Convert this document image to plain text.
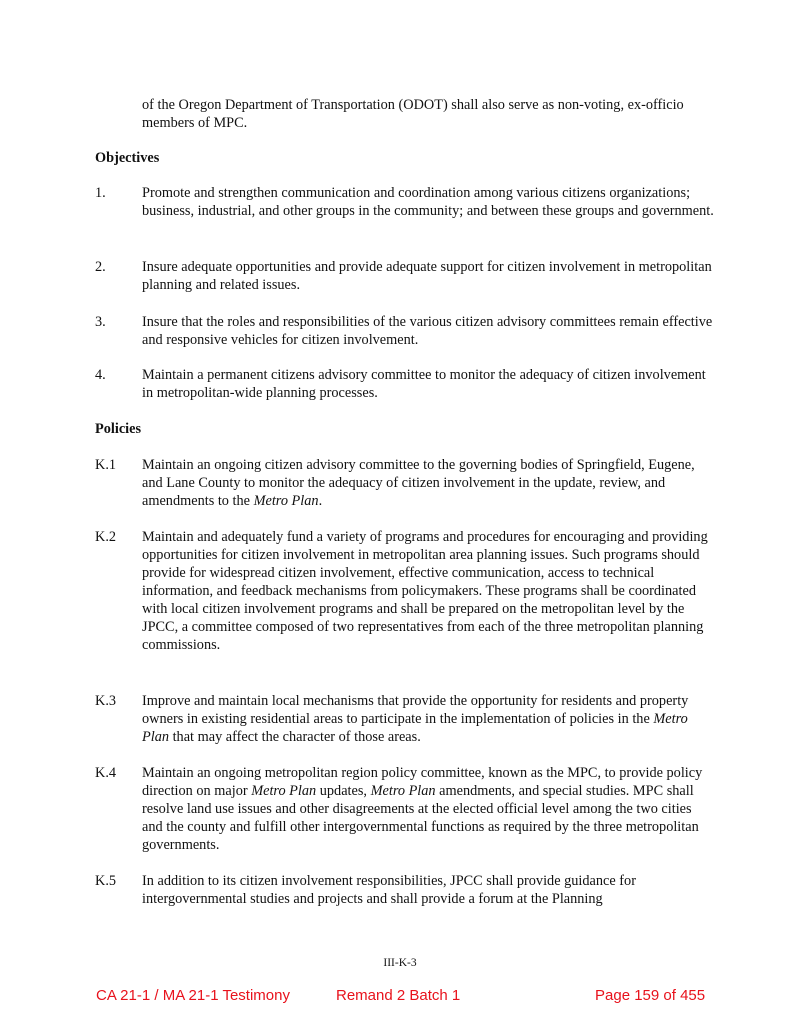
of the Oregon Department of Transportation (ODOT) shall also serve as non-voting, ex-officio members of MPC.
Objectives
1.	Promote and strengthen communication and coordination among various citizens organizations; business, industrial, and other groups in the community; and between these groups and government.
2.	Insure adequate opportunities and provide adequate support for citizen involvement in metropolitan planning and related issues.
3.	Insure that the roles and responsibilities of the various citizen advisory committees remain effective and responsive vehicles for citizen involvement.
4.	Maintain a permanent citizens advisory committee to monitor the adequacy of citizen involvement in metropolitan-wide planning processes.
Policies
K.1	Maintain an ongoing citizen advisory committee to the governing bodies of Springfield, Eugene, and Lane County to monitor the adequacy of citizen involvement in the update, review, and amendments to the Metro Plan.
K.2	Maintain and adequately fund a variety of programs and procedures for encouraging and providing opportunities for citizen involvement in metropolitan area planning issues. Such programs should provide for widespread citizen involvement, effective communication, access to technical information, and feedback mechanisms from policymakers. These programs shall be coordinated with local citizen involvement programs and shall be prepared on the metropolitan level by the JPCC, a committee composed of two representatives from each of the three metropolitan planning commissions.
K.3	Improve and maintain local mechanisms that provide the opportunity for residents and property owners in existing residential areas to participate in the implementation of policies in the Metro Plan that may affect the character of those areas.
K.4	Maintain an ongoing metropolitan region policy committee, known as the MPC, to provide policy direction on major Metro Plan updates, Metro Plan amendments, and special studies. MPC shall resolve land use issues and other disagreements at the elected official level among the two cities and the county and fulfill other intergovernmental functions as required by the three metropolitan governments.
K.5	In addition to its citizen involvement responsibilities, JPCC shall provide guidance for intergovernmental studies and projects and shall provide a forum at the Planning
III-K-3
CA 21-1 / MA 21-1 Testimony	Remand 2 Batch 1	Page 159 of 455
